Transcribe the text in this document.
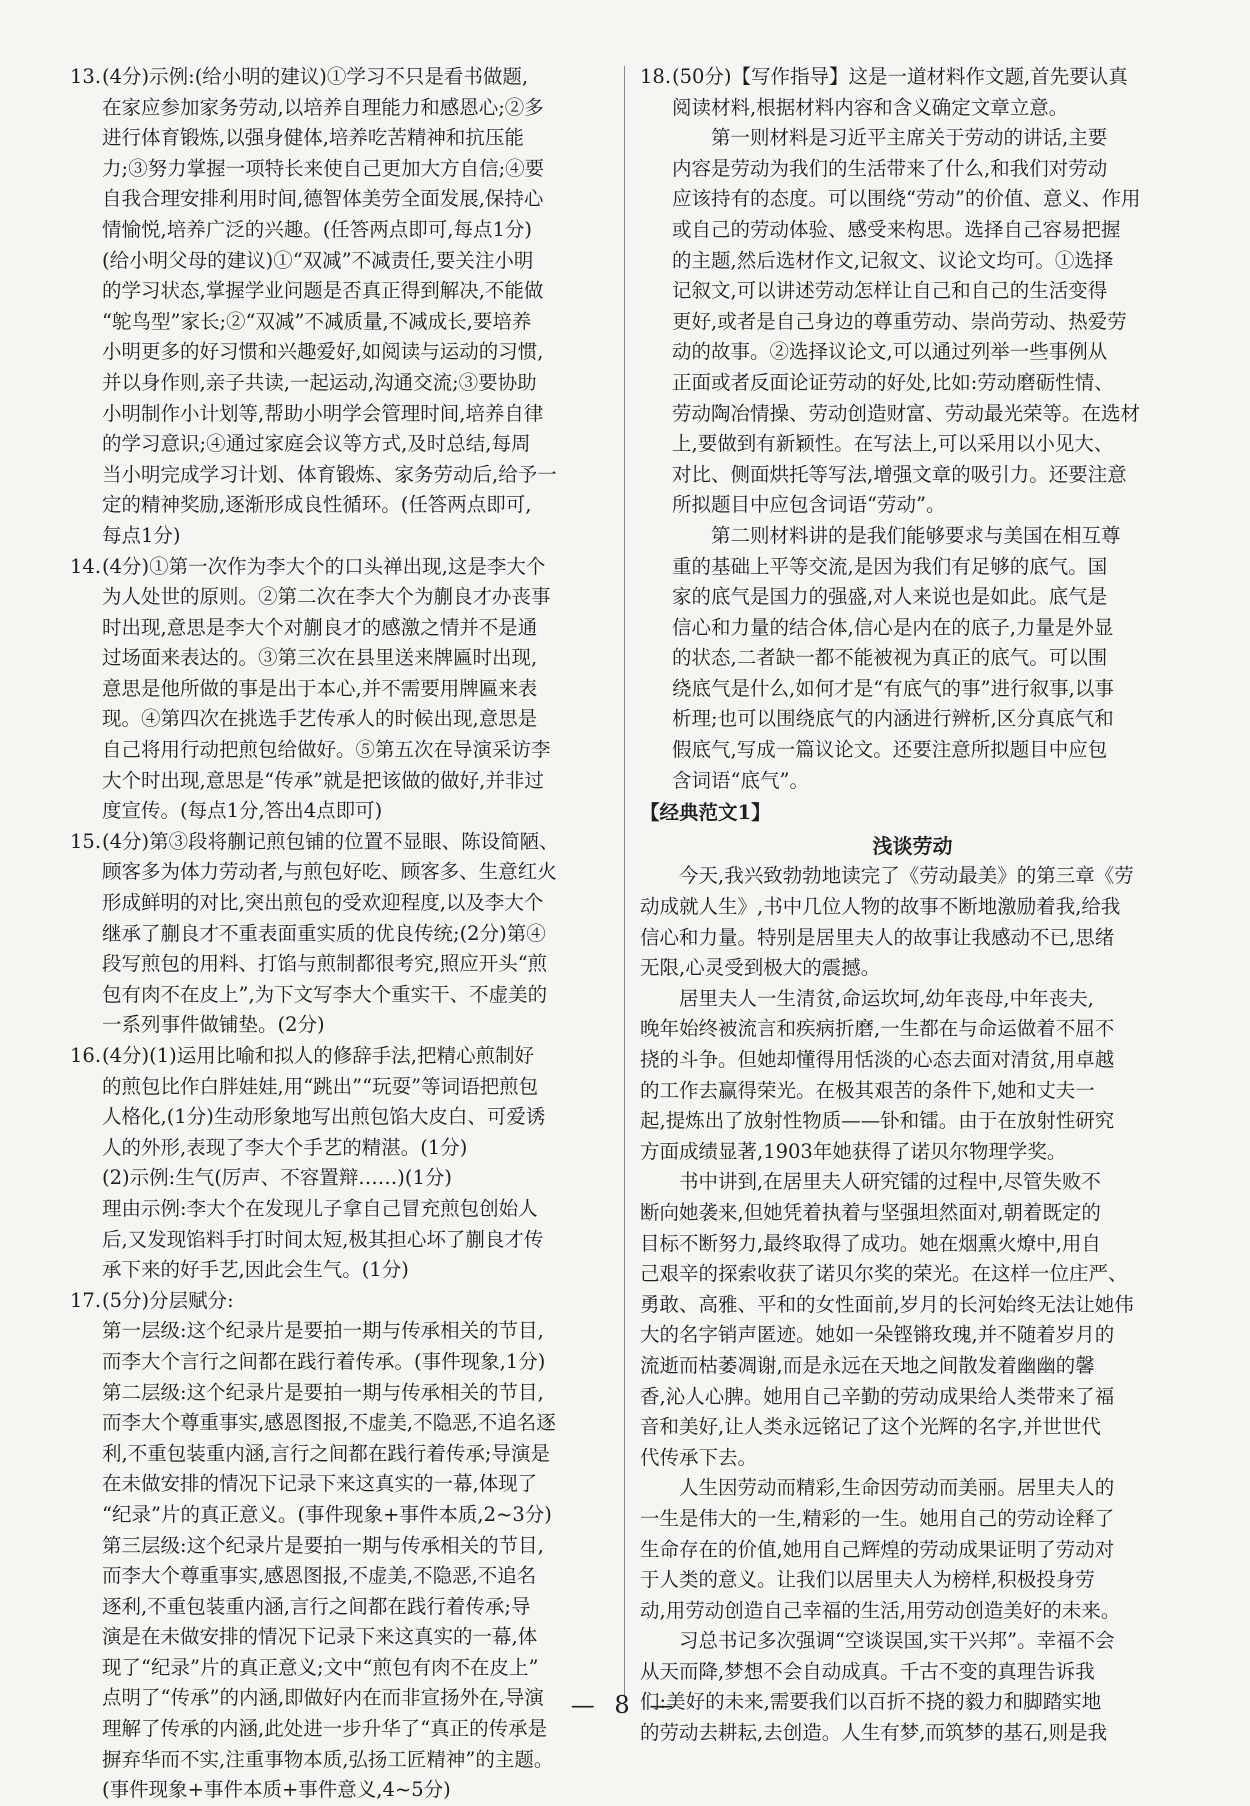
13. (4分)示例:(给小明的建议)①学习不只是看书做题,
在家应参加家务劳动,以培养自理能力和感恩心;②多
进行体育锻炼,以强身健体,培养吃苦精神和抗压能
力;③努力掌握一项特长来使自己更加大方自信;④要
自我合理安排利用时间,德智体美劳全面发展,保持心
情愉悦,培养广泛的兴趣。(任答两点即可,每点1分)
(给小明父母的建议)①“双减”不减责任,要关注小明
的学习状态,掌握学业问题是否真正得到解决,不能做
“鸵鸟型”家长;②“双减”不减质量,不减成长,要培养
小明更多的好习惯和兴趣爱好,如阅读与运动的习惯,
并以身作则,亲子共读,一起运动,沟通交流;③要协助
小明制作小计划等,帮助小明学会管理时间,培养自律
的学习意识;④通过家庭会议等方式,及时总结,每周
当小明完成学习计划、体育锻炼、家务劳动后,给予一
定的精神奖励,逐渐形成良性循环。(任答两点即可,
每点1分)
14. (4分)①第一次作为李大个的口头禅出现,这是李大个
为人处世的原则。②第二次在李大个为蒯良才办丧事
时出现,意思是李大个对蒯良才的感激之情并不是通
过场面来表达的。③第三次在县里送来牌匾时出现,
意思是他所做的事是出于本心,并不需要用牌匾来表
现。④第四次在挑选手艺传承人的时候出现,意思是
自己将用行动把煎包给做好。⑤第五次在导演采访李
大个时出现,意思是“传承”就是把该做的做好,并非过
度宣传。(每点1分,答出4点即可)
15. (4分)第③段将蒯记煎包铺的位置不显眼、陈设简陋、
顾客多为体力劳动者,与煎包好吃、顾客多、生意红火
形成鲜明的对比,突出煎包的受欢迎程度,以及李大个
继承了蒯良才不重表面重实质的优良传统;(2分)第④
段写煎包的用料、打馅与煎制都很考究,照应开头“煎
包有肉不在皮上”,为下文写李大个重实干、不虚美的
一系列事件做铺垫。(2分)
16. (4分)(1)运用比喻和拟人的修辞手法,把精心煎制好
的煎包比作白胖娃娃,用“跳出”“玩耍”等词语把煎包
人格化,(1分)生动形象地写出煎包馅大皮白、可爱诱
人的外形,表现了李大个手艺的精湛。(1分)
(2)示例:生气(厉声、不容置辩……)(1分)
理由示例:李大个在发现儿子拿自己冒充煎包创始人
后,又发现馅料手打时间太短,极其担心坏了蒯良才传
承下来的好手艺,因此会生气。(1分)
17. (5分)分层赋分:
第一层级:这个纪录片是要拍一期与传承相关的节目,
而李大个言行之间都在践行着传承。(事件现象,1分)
第二层级:这个纪录片是要拍一期与传承相关的节目,
而李大个尊重事实,感恩图报,不虚美,不隐恶,不追名逐
利,不重包装重内涵,言行之间都在践行着传承;导演是
在未做安排的情况下记录下来这真实的一幕,体现了
“纪录”片的真正意义。(事件现象+事件本质,2~3分)
第三层级:这个纪录片是要拍一期与传承相关的节目,
而李大个尊重事实,感恩图报,不虚美,不隐恶,不追名
逐利,不重包装重内涵,言行之间都在践行着传承;导
演是在未做安排的情况下记录下来这真实的一幕,体
现了“纪录”片的真正意义;文中“煎包有肉不在皮上”
点明了“传承”的内涵,即做好内在而非宣扬外在,导演
理解了传承的内涵,此处进一步升华了“真正的传承是
摒弃华而不实,注重事物本质,弘扬工匠精神”的主题。
(事件现象+事件本质+事件意义,4~5分)
18. (50分)【写作指导】这是一道材料作文题,首先要认真
阅读材料,根据材料内容和含义确定文章立意。
第一则材料是习近平主席关于劳动的讲话,主要
内容是劳动为我们的生活带来了什么,和我们对劳动
应该持有的态度。可以围绕“劳动”的价值、意义、作用
或自己的劳动体验、感受来构思。选择自己容易把握
的主题,然后选材作文,记叙文、议论文均可。①选择
记叙文,可以讲述劳动怎样让自己和自己的生活变得
更好,或者是自己身边的尊重劳动、崇尚劳动、热爱劳
动的故事。②选择议论文,可以通过列举一些事例从
正面或者反面论证劳动的好处,比如:劳动磨砺性情、
劳动陶冶情操、劳动创造财富、劳动最光荣等。在选材
上,要做到有新颖性。在写法上,可以采用以小见大、
对比、侧面烘托等写法,增强文章的吸引力。还要注意
所拟题目中应包含词语“劳动”。
第二则材料讲的是我们能够要求与美国在相互尊
重的基础上平等交流,是因为我们有足够的底气。国
家的底气是国力的强盛,对人来说也是如此。底气是
信心和力量的结合体,信心是内在的底子,力量是外显
的状态,二者缺一都不能被视为真正的底气。可以围
绕底气是什么,如何才是“有底气的事”进行叙事,以事
析理;也可以围绕底气的内涵进行辨析,区分真底气和
假底气,写成一篇议论文。还要注意所拟题目中应包
含词语“底气”。
【经典范文1】
浅谈劳动
今天,我兴致勃勃地读完了《劳动最美》的第三章《劳
动成就人生》,书中几位人物的故事不断地激励着我,给我
信心和力量。特别是居里夫人的故事让我感动不已,思绪
无限,心灵受到极大的震撼。
居里夫人一生清贫,命运坎坷,幼年丧母,中年丧夫,
晚年始终被流言和疾病折磨,一生都在与命运做着不屈不
挠的斗争。但她却懂得用恬淡的心态去面对清贫,用卓越
的工作去赢得荣光。在极其艰苦的条件下,她和丈夫一
起,提炼出了放射性物质——钋和镭。由于在放射性研究
方面成绩显著,1903年她获得了诺贝尔物理学奖。
书中讲到,在居里夫人研究镭的过程中,尽管失败不
断向她袭来,但她凭着执着与坚强坦然面对,朝着既定的
目标不断努力,最终取得了成功。她在烟熏火燎中,用自
己艰辛的探索收获了诺贝尔奖的荣光。在这样一位庄严、
勇敢、高雅、平和的女性面前,岁月的长河始终无法让她伟
大的名字销声匿迹。她如一朵铿锵玫瑰,并不随着岁月的
流逝而枯萎凋谢,而是永远在天地之间散发着幽幽的馨
香,沁人心脾。她用自己辛勤的劳动成果给人类带来了福
音和美好,让人类永远铭记了这个光辉的名字,并世世代
代传承下去。
人生因劳动而精彩,生命因劳动而美丽。居里夫人的
一生是伟大的一生,精彩的一生。她用自己的劳动诠释了
生命存在的价值,她用自己辉煌的劳动成果证明了劳动对
于人类的意义。让我们以居里夫人为榜样,积极投身劳
动,用劳动创造自己幸福的生活,用劳动创造美好的未来。
习总书记多次强调“空谈误国,实干兴邦”。幸福不会
从天而降,梦想不会自动成真。千古不变的真理告诉我
们:美好的未来,需要我们以百折不挠的毅力和脚踏实地
的劳动去耕耘,去创造。人生有梦,而筑梦的基石,则是我
— 8 —
